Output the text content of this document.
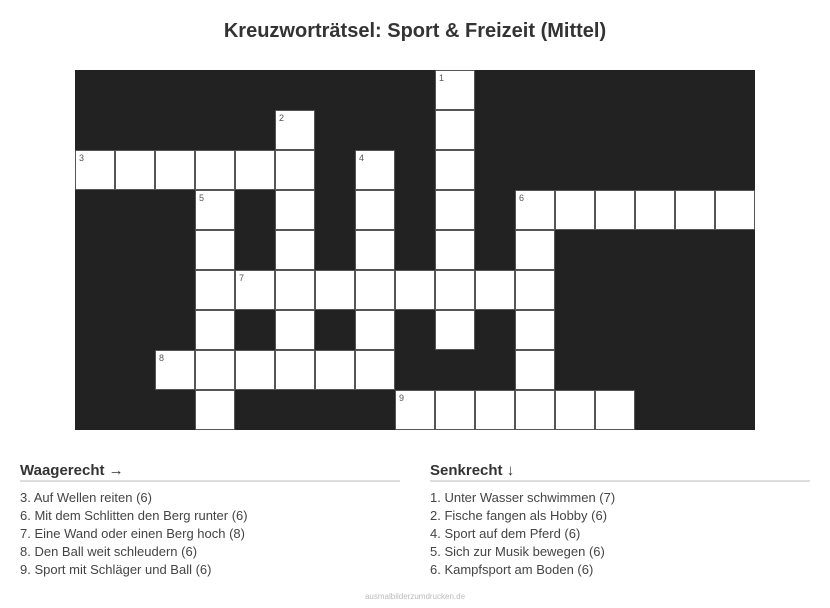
Kreuzworträtsel: Sport & Freizeit (Mittel)
1
2
3	4
5	6
7
8
9
Waagerecht →
3. Auf Wellen reiten (6)
6. Mit dem Schlitten den Berg runter (6)
7. Eine Wand oder einen Berg hoch (8)
8. Den Ball weit schleudern (6)
9. Sport mit Schläger und Ball (6)
Senkrecht ↓
1. Unter Wasser schwimmen (7)
2. Fische fangen als Hobby (6)
4. Sport auf dem Pferd (6)
5. Sich zur Musik bewegen (6)
6. Kampfsport am Boden (6)
ausmalbilderzumdrucken.de
